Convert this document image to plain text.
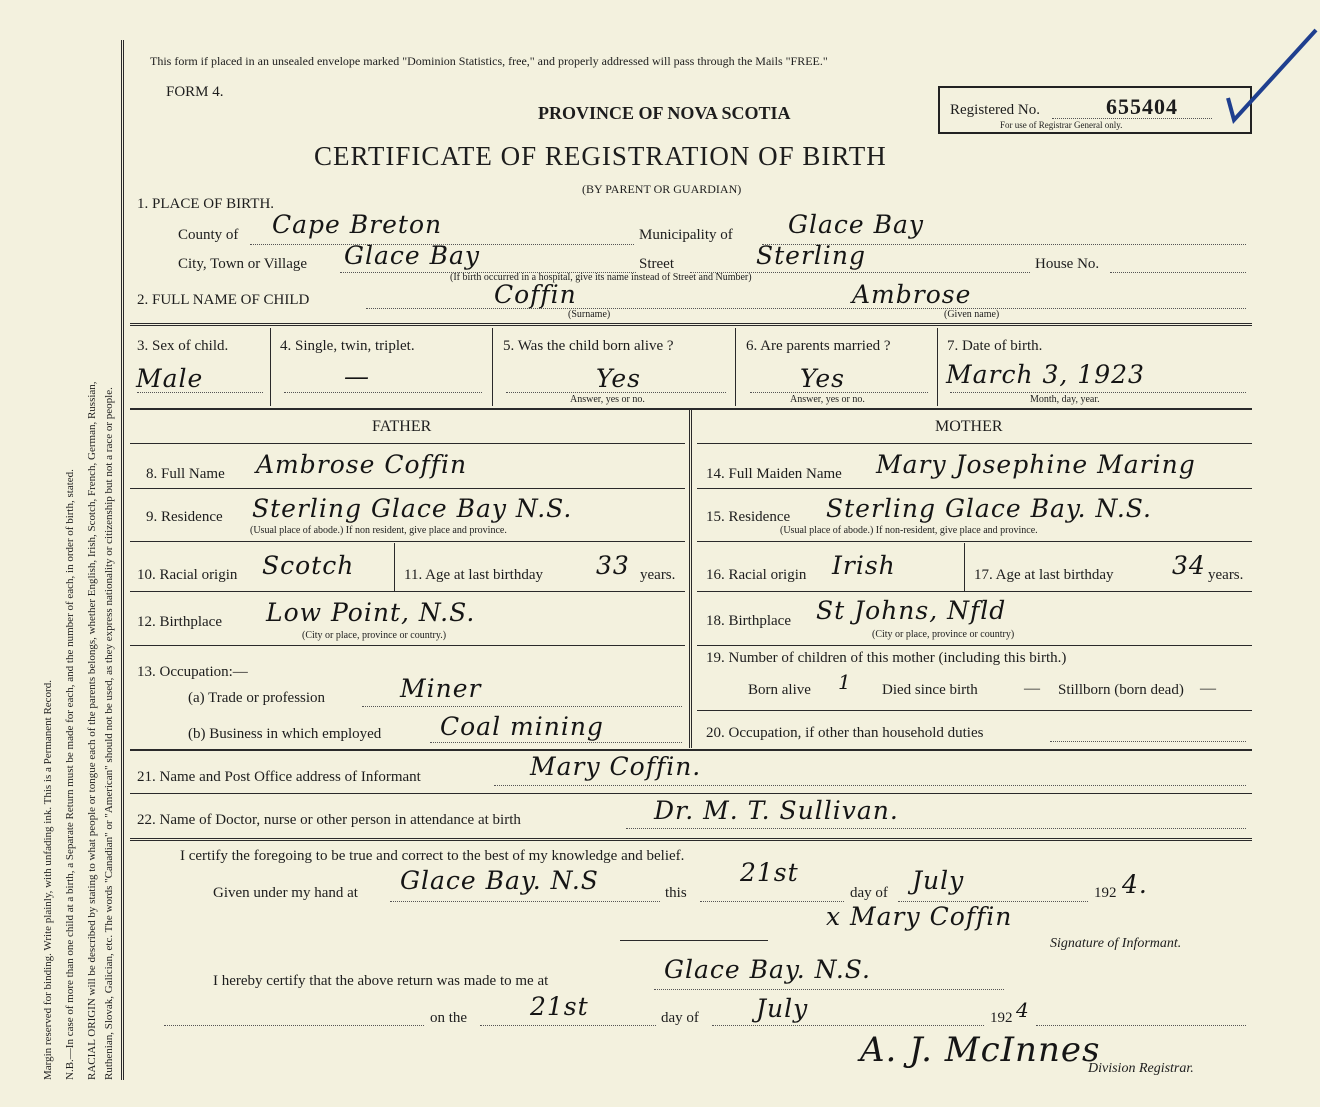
Margin reserved for binding. Write plainly, with unfading ink. This is a Permanent Record. N.B.—In case of more than one child at a birth, a Separate Return must be made for each, and the number of each, in order of birth, stated. RACIAL ORIGIN will be described by stating to what people or tongue each of the parents belongs, whether English, Irish, Scotch, French, German, Russian, Ruthenian, Slovak, Galician, etc. The words "Canadian" or "American" should not be used, as they express nationality or citizenship but not a race or people.
This form if placed in an unsealed envelope marked "Dominion Statistics, free," and properly addressed will pass through the Mails "FREE."
FORM 4.
PROVINCE OF NOVA SCOTIA
CERTIFICATE OF REGISTRATION OF BIRTH
(BY PARENT OR GUARDIAN)
Registered No.	655404
For use of Registrar General only.
1. PLACE OF BIRTH.
County of Cape Breton	Municipality of Glace Bay
City, Town or Village Glace Bay	Street	Sterling	House No.
(If birth occurred in a hospital, give its name instead of Street and Number)
2. FULL NAME OF CHILD	Coffin
(Surname)
Ambrose
(Given name)
3. Sex of child.
Male
4. Single, twin, triplet.
—
5. Was the child born alive ?
Yes
Answer, yes or no.
6. Are parents married ?
Yes
Answer, yes or no.
7. Date of birth.
March 3, 1923
Month, day, year.
FATHER	MOTHER
8. Full Name Ambrose Coffin
9. Residence Sterling Glace Bay N.S.
(Usual place of abode.) If non resident, give place and province.
10. Racial origin Scotch	11. Age at last birthday 33 years.
12. Birthplace Low Point, N.S.
(City or place, province or country.)
13. Occupation:—
(a) Trade or profession	Miner
(b) Business in which employed Coal mining
14. Full Maiden Name Mary Josephine Maring
15. Residence Sterling Glace Bay. N.S.
(Usual place of abode.) If non-resident, give place and province.
16. Racial origin Irish	17. Age at last birthday 34 years.
18. Birthplace St Johns, Nfld
(City or place, province or country)
19. Number of children of this mother (including this birth.)
Born alive 1 Died since birth	— Stillborn (born dead) —
20. Occupation, if other than household duties
21. Name and Post Office address of Informant	Mary Coffin.
22. Name of Doctor, nurse or other person in attendance at birth	Dr. M. T. Sullivan.
I certify the foregoing to be true and correct to the best of my knowledge and belief.
Given under my hand at Glace Bay. N.S	this
21st
day of July	192 4.
x Mary Coffin
Signature of Informant.
I hereby certify that the above return was made to me at	Glace Bay. N.S.
on the	21st	day of July	192 4
A. J. McInnes
Division Registrar.
